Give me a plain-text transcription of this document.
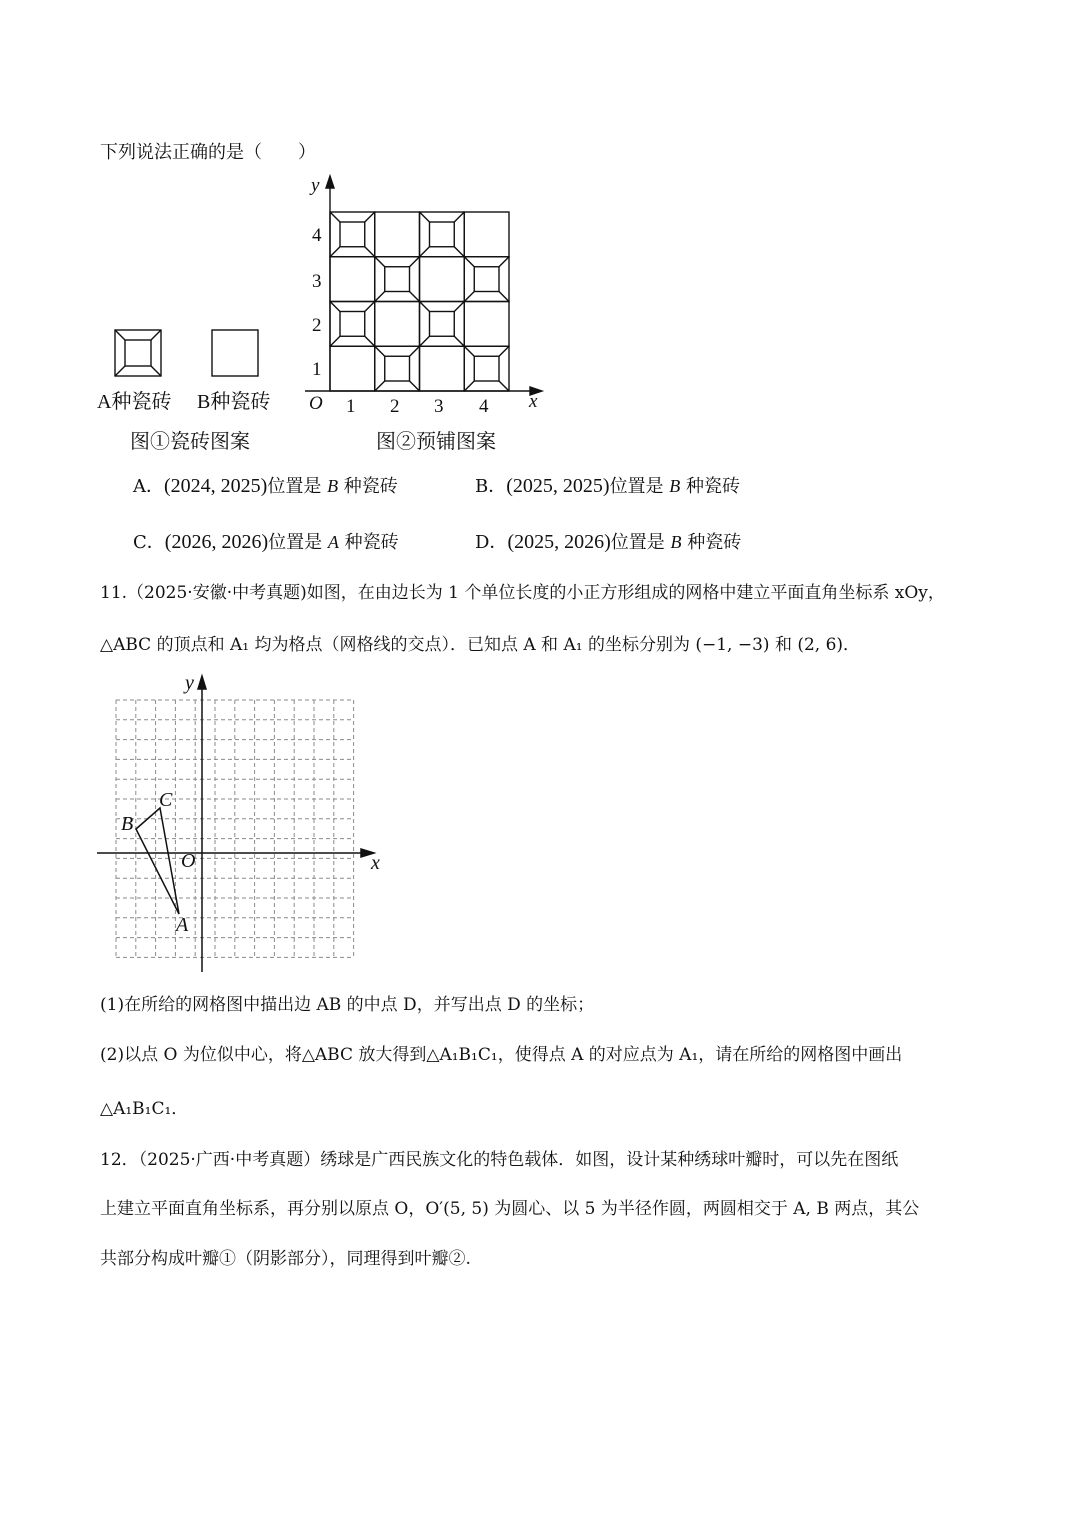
下列说法正确的是（　　）
A种瓷砖 B种瓷砖
图①瓷砖图案	图②预铺图案
y
x
O 1 2 3 4
1
2
3
4
A．(2024, 2025)位置是 B 种瓷砖	B．(2025, 2025)位置是 B 种瓷砖
C．(2026, 2026)位置是 A 种瓷砖	D．(2025, 2026)位置是 B 种瓷砖
11.（2025·安徽·中考真题)如图，在由边长为 1 个单位长度的小正方形组成的网格中建立平面直角坐标系 xOy，
△ABC 的顶点和 A₁ 均为格点（网格线的交点）．已知点 A 和 A₁ 的坐标分别为 (−1, −3) 和 (2, 6)．
y
x
O
A
B
C
(1)在所给的网格图中描出边 AB 的中点 D，并写出点 D 的坐标；
(2)以点 O 为位似中心，将△ABC 放大得到△A₁B₁C₁，使得点 A 的对应点为 A₁，请在所给的网格图中画出
△A₁B₁C₁．
12．（2025·广西·中考真题）绣球是广西民族文化的特色载体．如图，设计某种绣球叶瓣时，可以先在图纸
上建立平面直角坐标系，再分别以原点 O，O′(5, 5) 为圆心、以 5 为半径作圆，两圆相交于 A, B 两点，其公
共部分构成叶瓣①（阴影部分），同理得到叶瓣②.
